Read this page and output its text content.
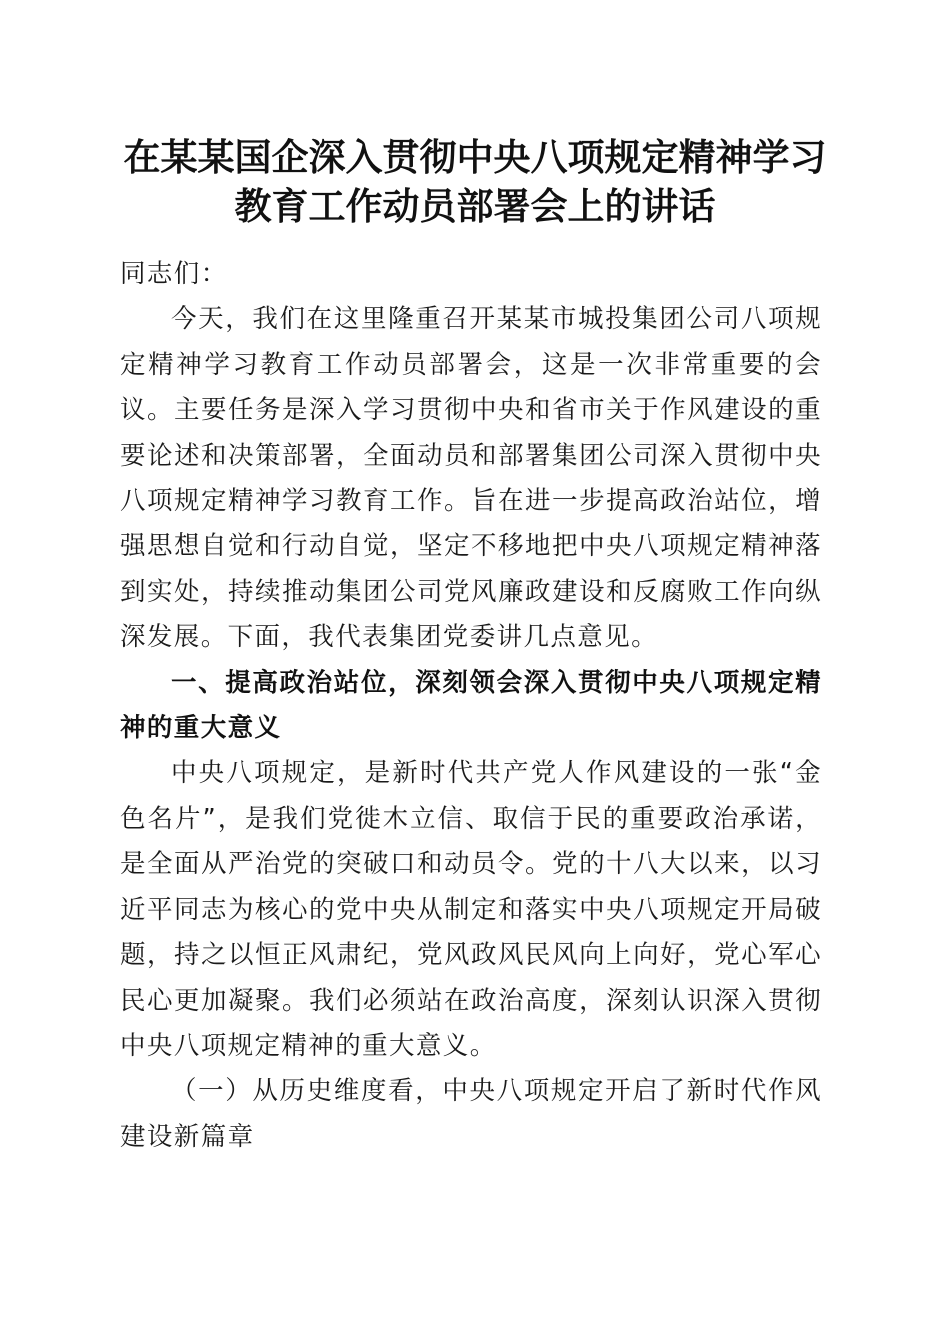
在某某国企深入贯彻中央八项规定精神学习教育工作动员部署会上的讲话

同志们：

今天，我们在这里隆重召开某某市城投集团公司八项规定精神学习教育工作动员部署会，这是一次非常重要的会议。主要任务是深入学习贯彻中央和省市关于作风建设的重要论述和决策部署，全面动员和部署集团公司深入贯彻中央八项规定精神学习教育工作。旨在进一步提高政治站位，增强思想自觉和行动自觉，坚定不移地把中央八项规定精神落到实处，持续推动集团公司党风廉政建设和反腐败工作向纵深发展。下面，我代表集团党委讲几点意见。

一、提高政治站位，深刻领会深入贯彻中央八项规定精神的重大意义

中央八项规定，是新时代共产党人作风建设的一张“金色名片”，是我们党徙木立信、取信于民的重要政治承诺，是全面从严治党的突破口和动员令。党的十八大以来，以习近平同志为核心的党中央从制定和落实中央八项规定开局破题，持之以恒正风肃纪，党风政风民风向上向好，党心军心民心更加凝聚。我们必须站在政治高度，深刻认识深入贯彻中央八项规定精神的重大意义。

（一）从历史维度看，中央八项规定开启了新时代作风建设新篇章
